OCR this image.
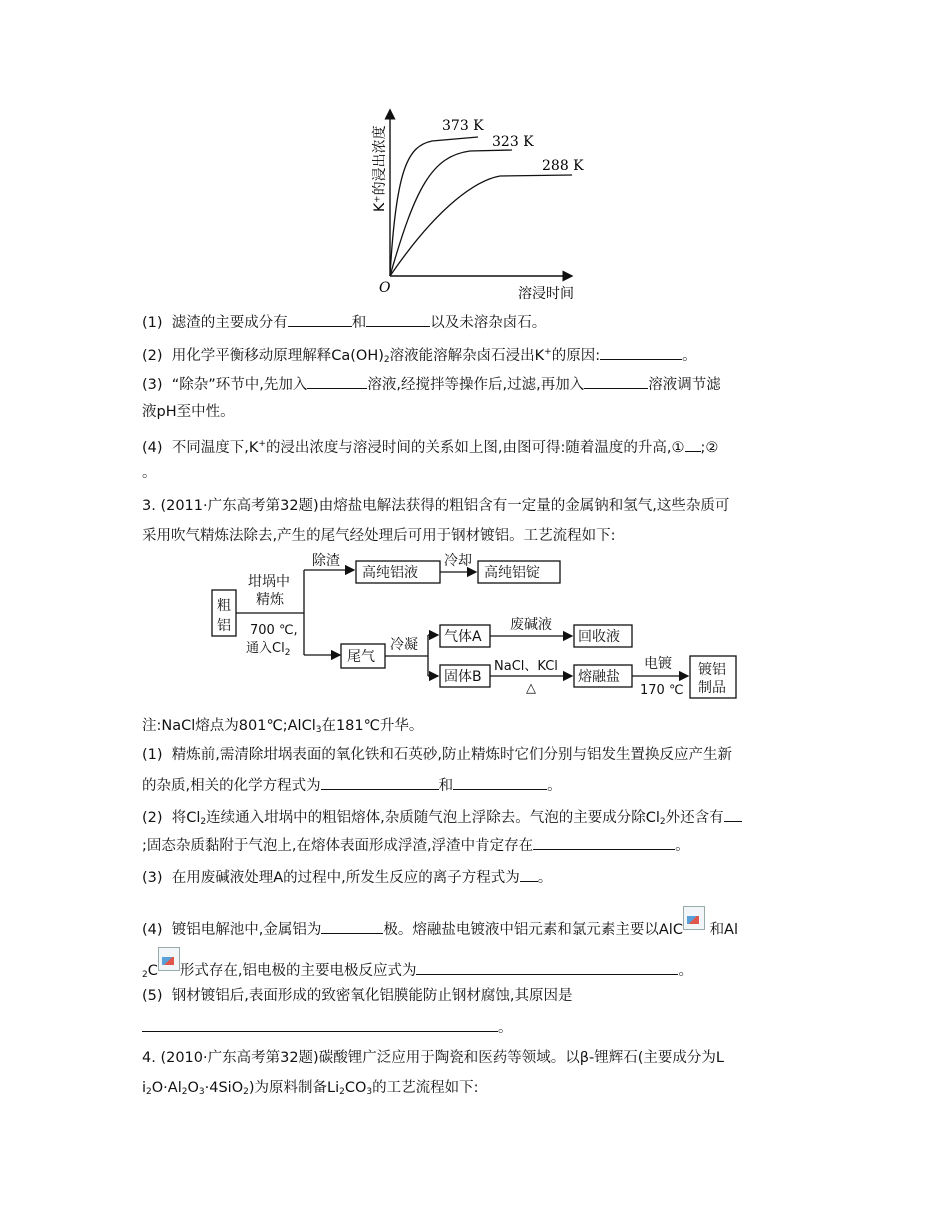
373 K
323 K
288 K
O	溶浸时间
K⁺的浸出浓度
(1) 滤渣的主要成分有	和	以及未溶杂卤石。
(2) 用化学平衡移动原理解释$Ca(OH)_2$溶液能溶解杂卤石浸出K+的原因:	。
(3) “除杂”环节中,先加入	溶液,经搅拌等操作后,过滤,再加入	溶液调节滤
液pH至中性。
(4) 不同温度下,K+的浸出浓度与溶浸时间的关系如上图,由图可得:随着温度的升高,① ;②
。
3. (2011·广东高考第32题)由熔盐电解法获得的粗铝含有一定量的金属钠和氢气,这些杂质可
采用吹气精炼法除去,产生的尾气经处理后可用于钢材镀铝。工艺流程如下:
粗
铝
坩埚中
精炼
700 ℃,
通入$Cl_2$
除渣
高纯铝液
冷却
高纯铝锭
尾气
冷凝 气体A
废碱液
回收液
固体B
NaCl、KCl
△
熔融盐
电镀
170 ℃
镀铝
制品
注:NaCl熔点为801℃;AlCl$_3$在181℃升华。
(1) 精炼前,需清除坩埚表面的氧化铁和石英砂,防止精炼时它们分别与铝发生置换反应产生新
的杂质,相关的化学方程式为	和	。
(2) 将$Cl_2$连续通入坩埚中的粗铝熔体,杂质随气泡上浮除去。气泡的主要成分除$Cl_2$外还含有
;固态杂质黏附于气泡上,在熔体表面形成浮渣,浮渣中肯定存在	。
(3) 在用废碱液处理A的过程中,所发生反应的离子方程式为 。
(4) 镀铝电解池中,金属铝为	极。熔融盐电镀液中铝元素和氯元素主要以AlC 和Al
$_2$C 形式存在,铝电极的主要电极反应式为	。
(5) 钢材镀铝后,表面形成的致密氧化铝膜能防止钢材腐蚀,其原因是
。
4. (2010·广东高考第32题)碳酸锂广泛应用于陶瓷和医药等领域。以β-锂辉石(主要成分为L
$i_2O\cdot Al_2O_3\cdot 4SiO_2$)为原料制备$Li_2CO_3$的工艺流程如下:
